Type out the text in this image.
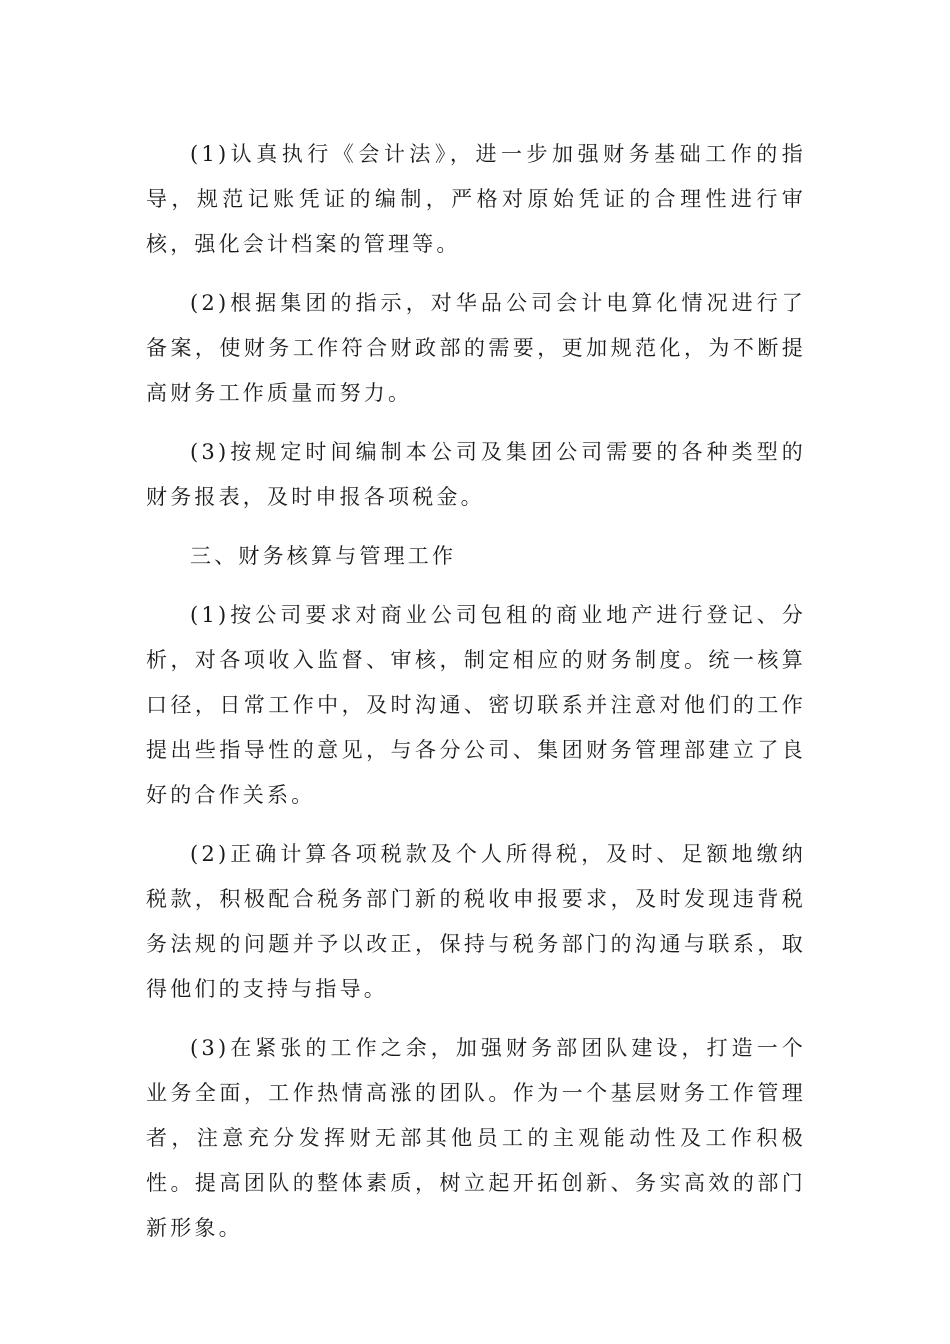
(1)认真执行《会计法》，进一步加强财务基础工作的指导，规范记账凭证的编制，严格对原始凭证的合理性进行审核，强化会计档案的管理等。

(2)根据集团的指示，对华品公司会计电算化情况进行了备案，使财务工作符合财政部的需要，更加规范化，为不断提高财务工作质量而努力。

(3)按规定时间编制本公司及集团公司需要的各种类型的财务报表，及时申报各项税金。

三、财务核算与管理工作

(1)按公司要求对商业公司包租的商业地产进行登记、分析，对各项收入监督、审核，制定相应的财务制度。统一核算口径，日常工作中，及时沟通、密切联系并注意对他们的工作提出些指导性的意见，与各分公司、集团财务管理部建立了良好的合作关系。

(2)正确计算各项税款及个人所得税，及时、足额地缴纳税款，积极配合税务部门新的税收申报要求，及时发现违背税务法规的问题并予以改正，保持与税务部门的沟通与联系，取得他们的支持与指导。

(3)在紧张的工作之余，加强财务部团队建设，打造一个业务全面，工作热情高涨的团队。作为一个基层财务工作管理者，注意充分发挥财无部其他员工的主观能动性及工作积极性。提高团队的整体素质，树立起开拓创新、务实高效的部门新形象。
